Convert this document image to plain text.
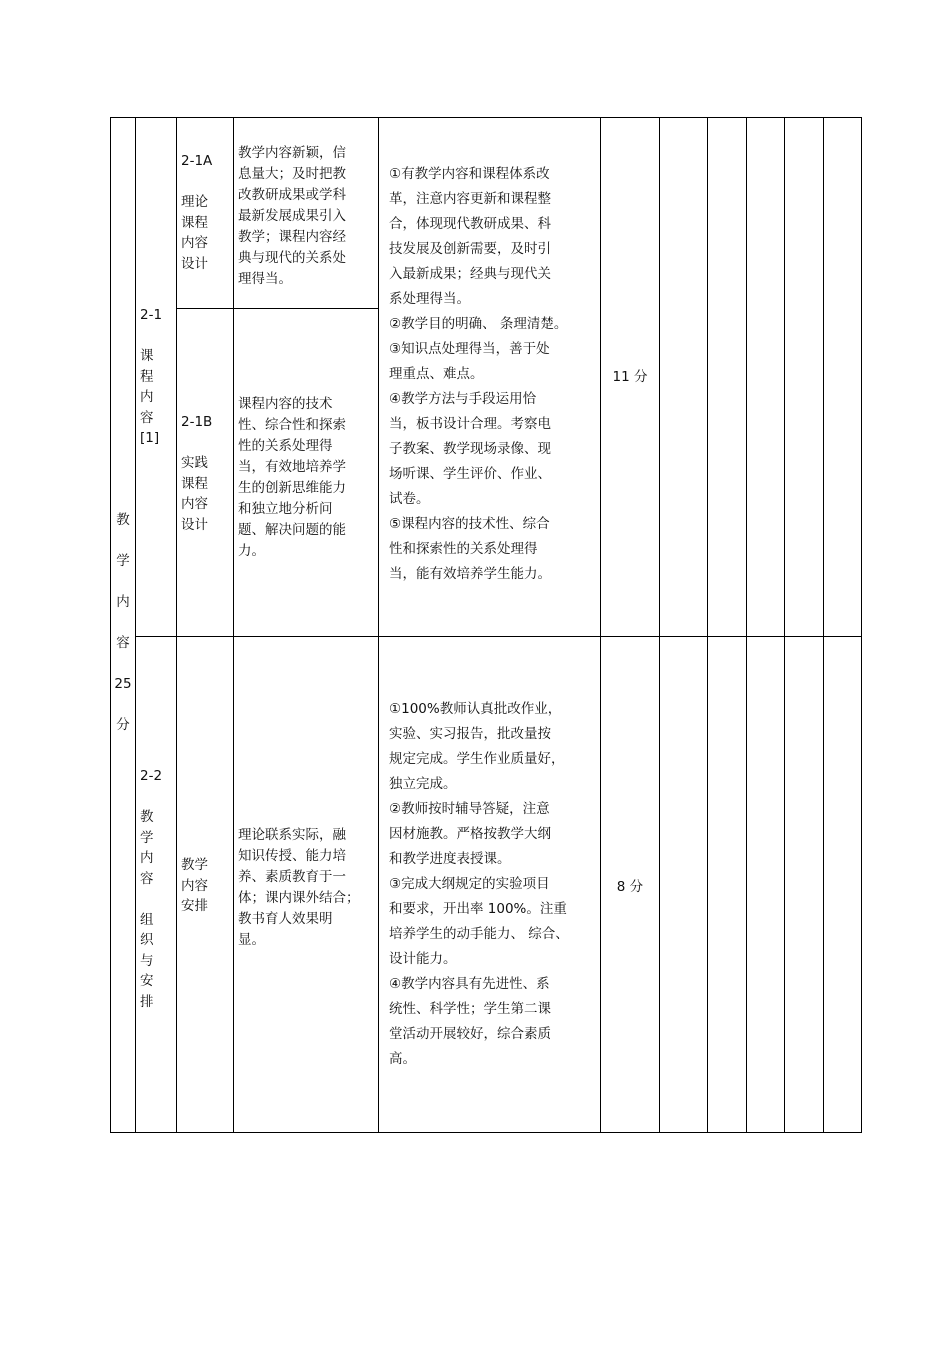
教

学

内

容

25

分
2-1

课
程
内
容
[1]
2-1A

理论
课程
内容
设计
教学内容新颖，信
息量大；及时把教
改教研成果或学科
最新发展成果引入
教学；课程内容经
典与现代的关系处
理得当。
2-1B

实践
课程
内容
设计
课程内容的技术
性、综合性和探索
性的关系处理得
当，有效地培养学
生的创新思维能力
和独立地分析问
题、解决问题的能
力。
①有教学内容和课程体系改
革，注意内容更新和课程整
合，体现现代教研成果、科
技发展及创新需要，及时引
入最新成果；经典与现代关
系处理得当。
②教学目的明确、 条理清楚。
③知识点处理得当，善于处
理重点、难点。
④教学方法与手段运用恰
当，板书设计合理。考察电
子教案、教学现场录像、现
场听课、学生评价、作业、
试卷。
⑤课程内容的技术性、综合
性和探索性的关系处理得
当，能有效培养学生能力。
11 分
2-2

教
学
内
容

组
织
与
安
排
教学
内容
安排
理论联系实际，融
知识传授、能力培
养、素质教育于一
体；课内课外结合；
教书育人效果明
显。
①100%教师认真批改作业，
实验、实习报告，批改量按
规定完成。学生作业质量好，
独立完成。
②教师按时辅导答疑，注意
因材施教。严格按教学大纲
和教学进度表授课。
③完成大纲规定的实验项目
和要求，开出率 100%。注重
培养学生的动手能力、 综合、
设计能力。
④教学内容具有先进性、系
统性、科学性；学生第二课
堂活动开展较好，综合素质
高。
8 分
